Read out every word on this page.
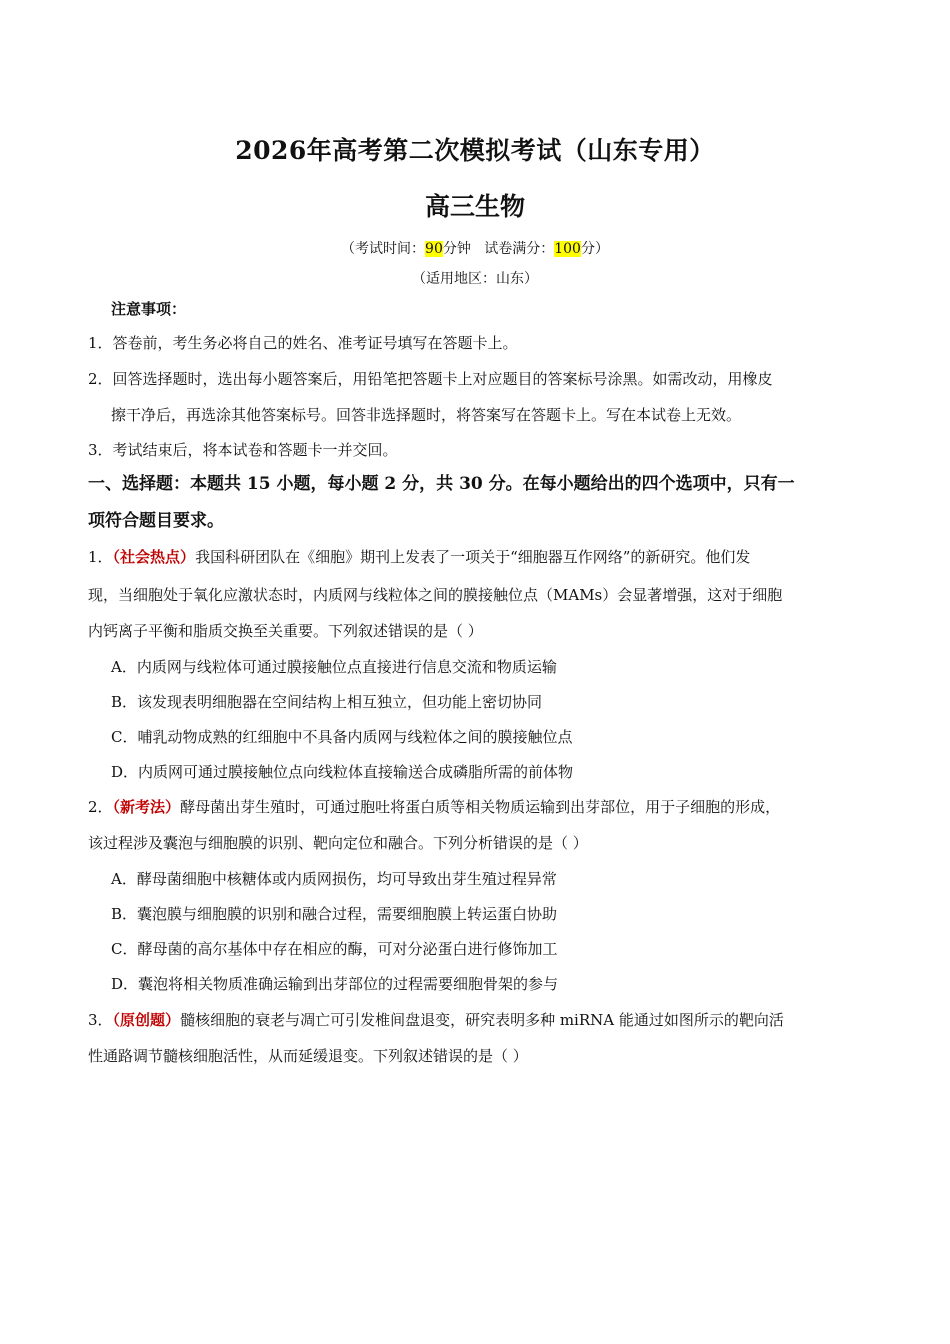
2026年高考第二次模拟考试（山东专用）
高三生物
（考试时间：90分钟 试卷满分：100分）
（适用地区：山东）
注意事项：
1．答卷前，考生务必将自己的姓名、准考证号填写在答题卡上。
2．回答选择题时，选出每小题答案后，用铅笔把答题卡上对应题目的答案标号涂黑。如需改动，用橡皮
擦干净后，再选涂其他答案标号。回答非选择题时，将答案写在答题卡上。写在本试卷上无效。
3．考试结束后，将本试卷和答题卡一并交回。
一、选择题：本题共 15 小题，每小题 2 分，共 30 分。在每小题给出的四个选项中，只有一
项符合题目要求。
1．（社会热点）我国科研团队在《细胞》期刊上发表了一项关于“细胞器互作网络”的新研究。他们发
现，当细胞处于氧化应激状态时，内质网与线粒体之间的膜接触位点（MAMs）会显著增强，这对于细胞
内钙离子平衡和脂质交换至关重要。下列叙述错误的是（ ）
A．内质网与线粒体可通过膜接触位点直接进行信息交流和物质运输
B．该发现表明细胞器在空间结构上相互独立，但功能上密切协同
C．哺乳动物成熟的红细胞中不具备内质网与线粒体之间的膜接触位点
D．内质网可通过膜接触位点向线粒体直接输送合成磷脂所需的前体物
2．（新考法）酵母菌出芽生殖时，可通过胞吐将蛋白质等相关物质运输到出芽部位，用于子细胞的形成，
该过程涉及囊泡与细胞膜的识别、靶向定位和融合。下列分析错误的是（ ）
A．酵母菌细胞中核糖体或内质网损伤，均可导致出芽生殖过程异常
B．囊泡膜与细胞膜的识别和融合过程，需要细胞膜上转运蛋白协助
C．酵母菌的高尔基体中存在相应的酶，可对分泌蛋白进行修饰加工
D．囊泡将相关物质准确运输到出芽部位的过程需要细胞骨架的参与
3．（原创题）髓核细胞的衰老与凋亡可引发椎间盘退变，研究表明多种 miRNA 能通过如图所示的靶向活
性通路调节髓核细胞活性，从而延缓退变。下列叙述错误的是（ ）
